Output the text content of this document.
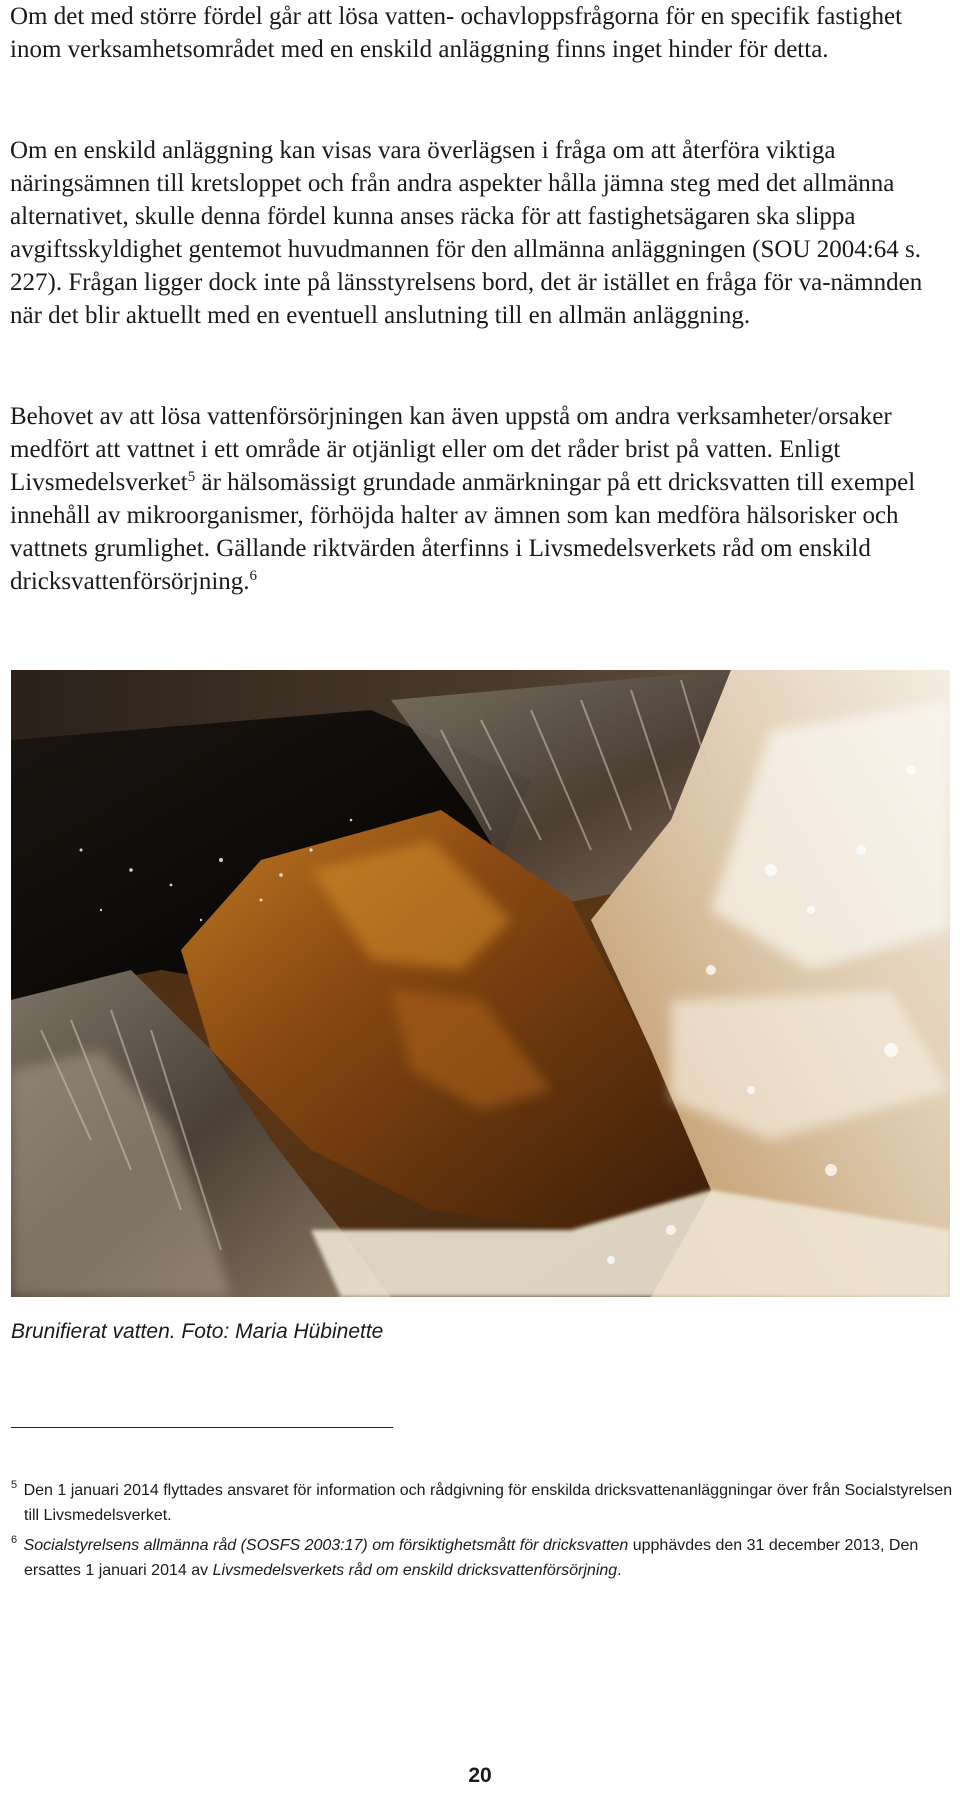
Om det med större fördel går att lösa vatten- ochavloppsfrågorna för en specifik fastighet inom verksamhetsområdet med en enskild anläggning finns inget hinder för detta.

Om en enskild anläggning kan visas vara överlägsen i fråga om att återföra viktiga näringsämnen till kretsloppet och från andra aspekter hålla jämna steg med det allmänna alternativet, skulle denna fördel kunna anses räcka för att fastighetsägaren ska slippa avgiftsskyldighet gentemot huvudmannen för den allmänna anläggningen (SOU 2004:64 s. 227). Frågan ligger dock inte på länsstyrelsens bord, det är istället en fråga för va-nämnden när det blir aktuellt med en eventuell anslutning till en allmän anläggning.

Behovet av att lösa vattenförsörjningen kan även uppstå om andra verksamheter/orsaker medfört att vattnet i ett område är otjänligt eller om det råder brist på vatten. Enligt Livsmedelsverket$^5$ är hälsomässigt grundade anmärkningar på ett dricksvatten till exempel innehåll av mikroorganismer, förhöjda halter av ämnen som kan medföra hälsorisker och vattnets grumlighet. Gällande riktvärden återfinns i Livsmedelsverkets råd om enskild dricksvattenförsörjning.$^6$

Brunifierat vatten. Foto: Maria Hübinette

$^5$ Den 1 januari 2014 flyttades ansvaret för information och rådgivning för enskilda dricksvattenanläggningar över från Socialstyrelsen till Livsmedelsverket.

$^6$ Socialstyrelsens allmänna råd (SOSFS 2003:17) om försiktighetsmått för dricksvatten upphävdes den 31 december 2013, Den ersattes 1 januari 2014 av Livsmedelsverkets råd om enskild dricksvattenförsörjning.

20
